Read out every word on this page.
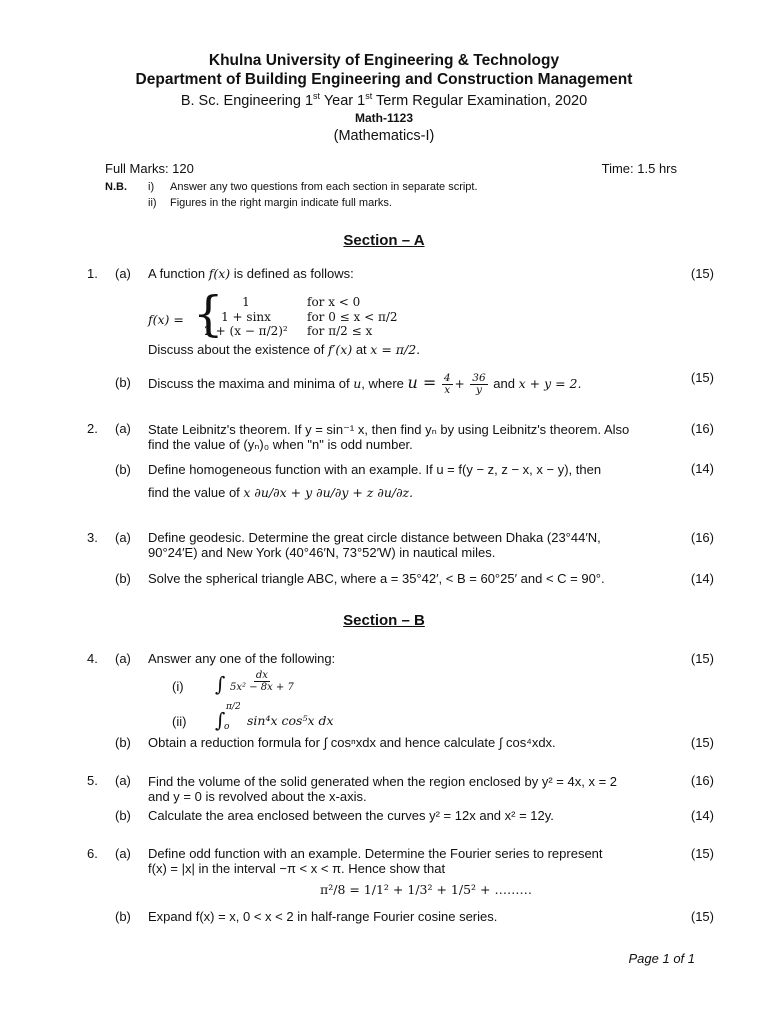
Khulna University of Engineering & Technology
Department of Building Engineering and Construction Management
B. Sc. Engineering 1st Year 1st Term Regular Examination, 2020
Math-1123
(Mathematics-I)
Full Marks: 120	Time: 1.5 hrs
N.B. i) Answer any two questions from each section in separate script.
ii) Figures in the right margin indicate full marks.
Section – A
1. (a) A function f(x) is defined as follows:	(15)
f(x) = {	1	for x < 0
1 + sinx	for 0 ≤ x < π/2
2 + (x − π/2)²	for π/2 ≤ x
Discuss about the existence of f′(x) at x = π/2.
(b) Discuss the maxima and minima of u, where $u = \frac{4}{x} + \frac{36}{y}$ and x + y = 2.	(15)
2. (a) State Leibnitz's theorem. If y = sin⁻¹ x, then find yₙ by using Leibnitz's theorem. Also
find the value of (yₙ)₀ when "n" is odd number.
(16)
(b) Define homogeneous function with an example. If u = f(y − z, z − x, x − y), then
find the value of x ∂u/∂x + y ∂u/∂y + z ∂u/∂z.
(14)
3. (a) Define geodesic. Determine the great circle distance between Dhaka (23°44′N,
90°24′E) and New York (40°46′N, 73°52′W) in nautical miles.
(16)
(b) Solve the spherical triangle ABC, where a = 35°42′, < B = 60°25′ and < C = 90°.	(14)
Section – B
4. (a) Answer any one of the following:	(15)
(i) ∫ $\frac{dx}{\text{5x² − 8x + 7}}$
(ii) ∫
π/2
o sin⁴x cos⁵x dx
(b) Obtain a reduction formula for ∫ cosⁿxdx and hence calculate ∫ cos⁴xdx.	(15)
5. (a) Find the volume of the solid generated when the region enclosed by y² = 4x, x = 2
and y = 0 is revolved about the x-axis.
(16)
(b) Calculate the area enclosed between the curves y² = 12x and x² = 12y.	(14)
6. (a) Define odd function with an example. Determine the Fourier series to represent
f(x) = |x| in the interval −π < x < π. Hence show that
(15)
π²/8 = 1/1² + 1/3² + 1/5² + ………
(b) Expand f(x) = x, 0 < x < 2 in half-range Fourier cosine series.	(15)
Page 1 of 1
